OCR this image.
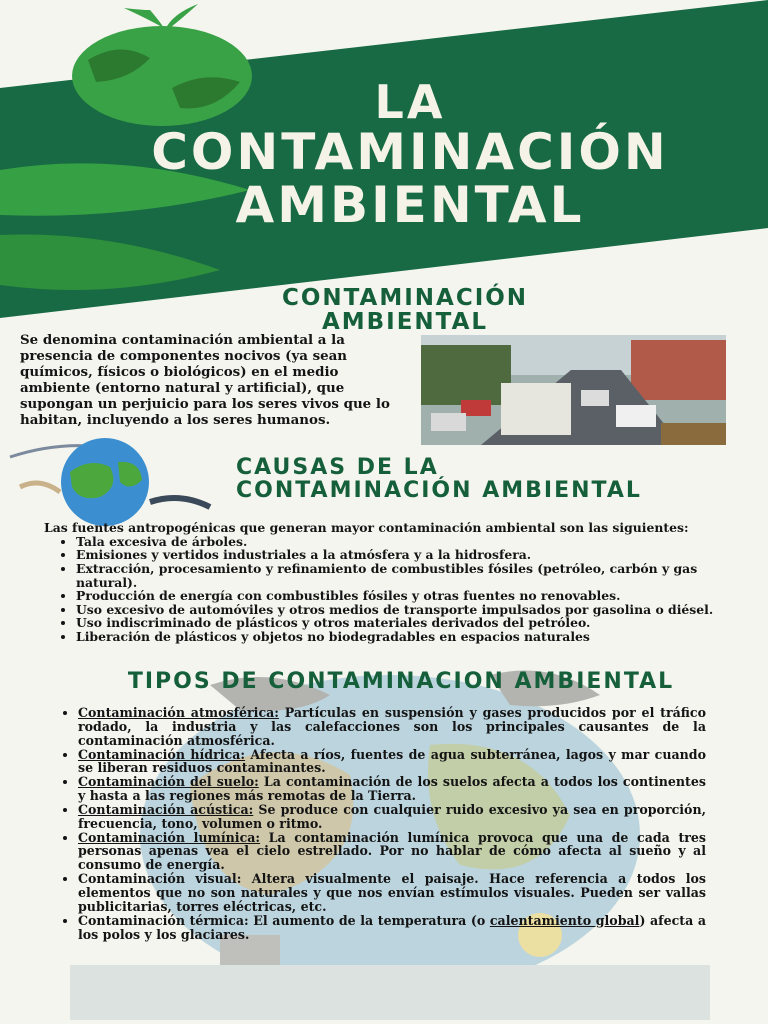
LA
CONTAMINACIÓN
AMBIENTAL
CONTAMINACIÓN
AMBIENTAL
Se denomina contaminación ambiental a la presencia de componentes nocivos (ya sean químicos, físicos o biológicos) en el medio ambiente (entorno natural y artificial), que supongan un perjuicio para los seres vivos que lo habitan, incluyendo a los seres humanos.
CAUSAS DE LA
CONTAMINACIÓN AMBIENTAL
Las fuentes antropogénicas que generan mayor contaminación ambiental son las siguientes:
• Tala excesiva de árboles.
• Emisiones y vertidos industriales a la atmósfera y a la hidrosfera.
• Extracción, procesamiento y refinamiento de combustibles fósiles (petróleo, carbón y gas natural).
• Producción de energía con combustibles fósiles y otras fuentes no renovables.
• Uso excesivo de automóviles y otros medios de transporte impulsados por gasolina o diésel.
• Uso indiscriminado de plásticos y otros materiales derivados del petróleo.
• Liberación de plásticos y objetos no biodegradables en espacios naturales
TIPOS DE CONTAMINACION AMBIENTAL
• Contaminación atmosférica: Partículas en suspensión y gases producidos por el tráfico rodado, la industria y las calefacciones son los principales causantes de la contaminación atmosférica.
• Contaminación hídrica: Afecta a ríos, fuentes de agua subterránea, lagos y mar cuando se liberan residuos contaminantes.
• Contaminación del suelo: La contaminación de los suelos afecta a todos los continentes y hasta a las regiones más remotas de la Tierra.
• Contaminación acústica: Se produce con cualquier ruido excesivo ya sea en proporción, frecuencia, tono, volumen o ritmo.
• Contaminación lumínica: La contaminación lumínica provoca que una de cada tres personas apenas vea el cielo estrellado. Por no hablar de cómo afecta al sueño y al consumo de energía.
• Contaminación visual: Altera visualmente el paisaje. Hace referencia a todos los elementos que no son naturales y que nos envían estímulos visuales. Pueden ser vallas publicitarias, torres eléctricas, etc.
• Contaminación térmica: El aumento de la temperatura (o calentamiento global) afecta a los polos y los glaciares.
